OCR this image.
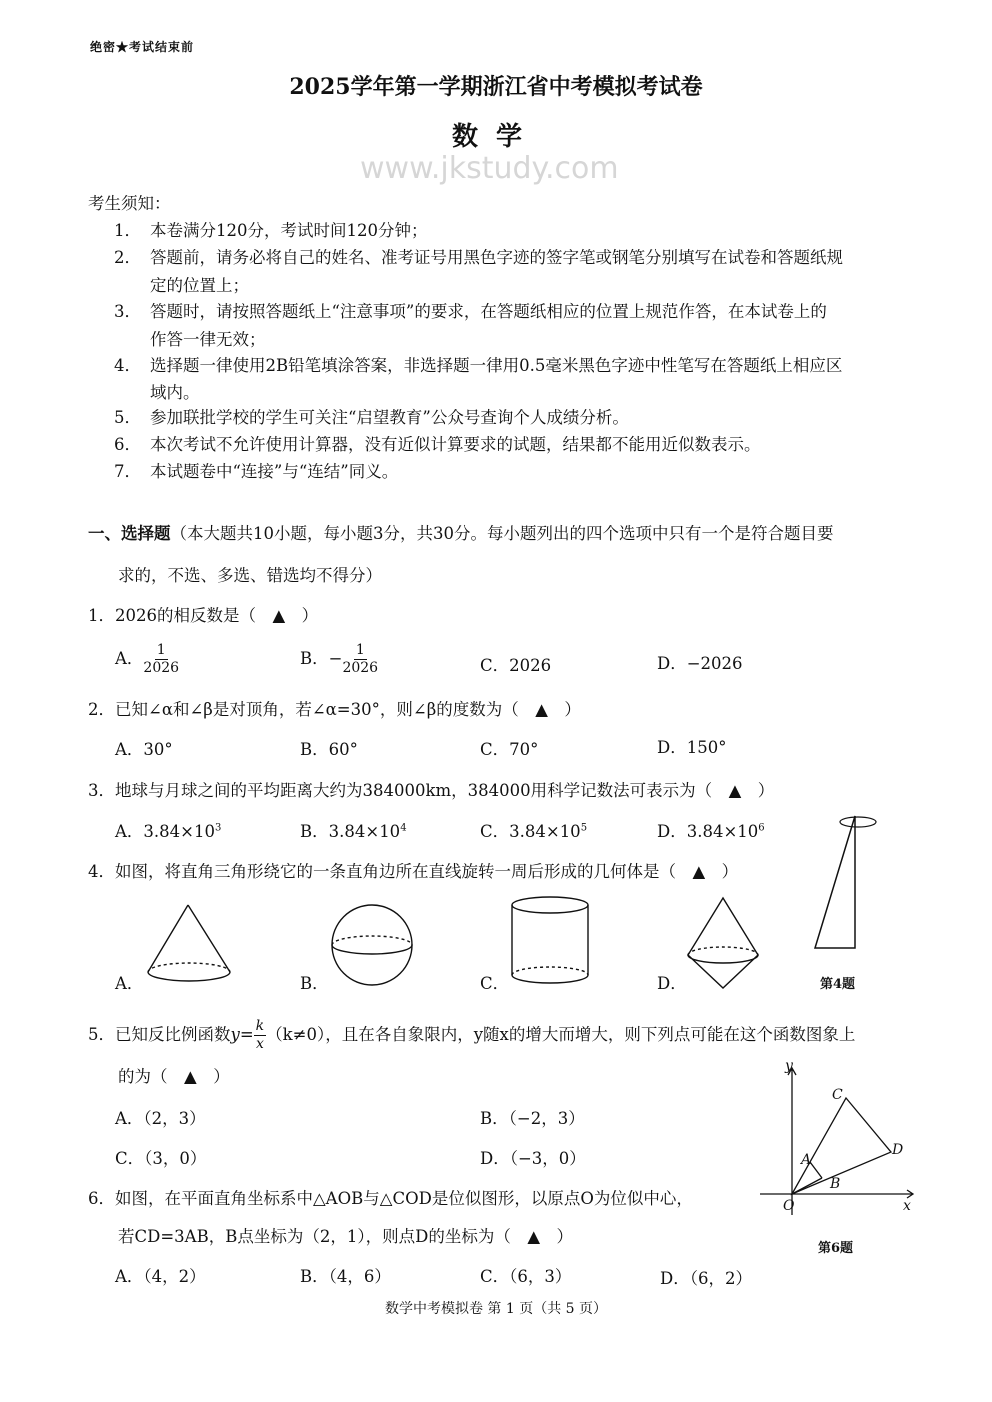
绝密★考试结束前
2025学年第一学期浙江省中考模拟考试卷
数学
www.jkstudy.com
考生须知：
1． 本卷满分120分，考试时间120分钟；
2． 答题前，请务必将自己的姓名、准考证号用黑色字迹的签字笔或钢笔分别填写在试卷和答题纸规
定的位置上；
3． 答题时，请按照答题纸上“注意事项”的要求，在答题纸相应的位置上规范作答，在本试卷上的
作答一律无效；
4． 选择题一律使用2B铅笔填涂答案，非选择题一律用0.5毫米黑色字迹中性笔写在答题纸上相应区
域内。
5． 参加联批学校的学生可关注“启望教育”公众号查询个人成绩分析。
6． 本次考试不允许使用计算器，没有近似计算要求的试题，结果都不能用近似数表示。
7． 本试题卷中“连接”与“连结”同义。
一、选择题（本大题共10小题，每小题3分，共30分。每小题列出的四个选项中只有一个是符合题目要
求的，不选、多选、错选均不得分）
1．2026的相反数是（　▲　）
A． $\frac{1}{2026}$	B．− $\frac{1}{2026}$	C．2026	D．−2026
2．已知∠α和∠β是对顶角，若∠α=30°，则∠β的度数为（　▲　）
A．30°	B．60°	C．70°	D．150°
3．地球与月球之间的平均距离大约为384000km，384000用科学记数法可表示为（　▲　）
A．$3.84\times 10^3$	B．$3.84\times 10^4$	C．$3.84\times 10^5$	D．$3.84\times 10^6$
4．如图，将直角三角形绕它的一条直角边所在直线旋转一周后形成的几何体是（　▲　）
第4题
A．	B．	C．	D．
5．已知反比例函数$y= \frac{k}{x} (k\ne 0)$，且在各自象限内，y随x的增大而增大，则下列点可能在这个函数图象上
的为（　▲　）
A．（2，3）	B．（−2，3）
C．（3，0）	D．（−3，0）
y
x
O
A
B
C
D
第6题
6．如图，在平面直角坐标系中△AOB与△COD是位似图形，以原点O为位似中心，
若CD=3AB，B点坐标为（2，1），则点D的坐标为（　▲　）
A．（4，2）	B．（4，6）	C．（6，3）	D．（6，2）
数学中考模拟卷 第 1 页（共 5 页）
